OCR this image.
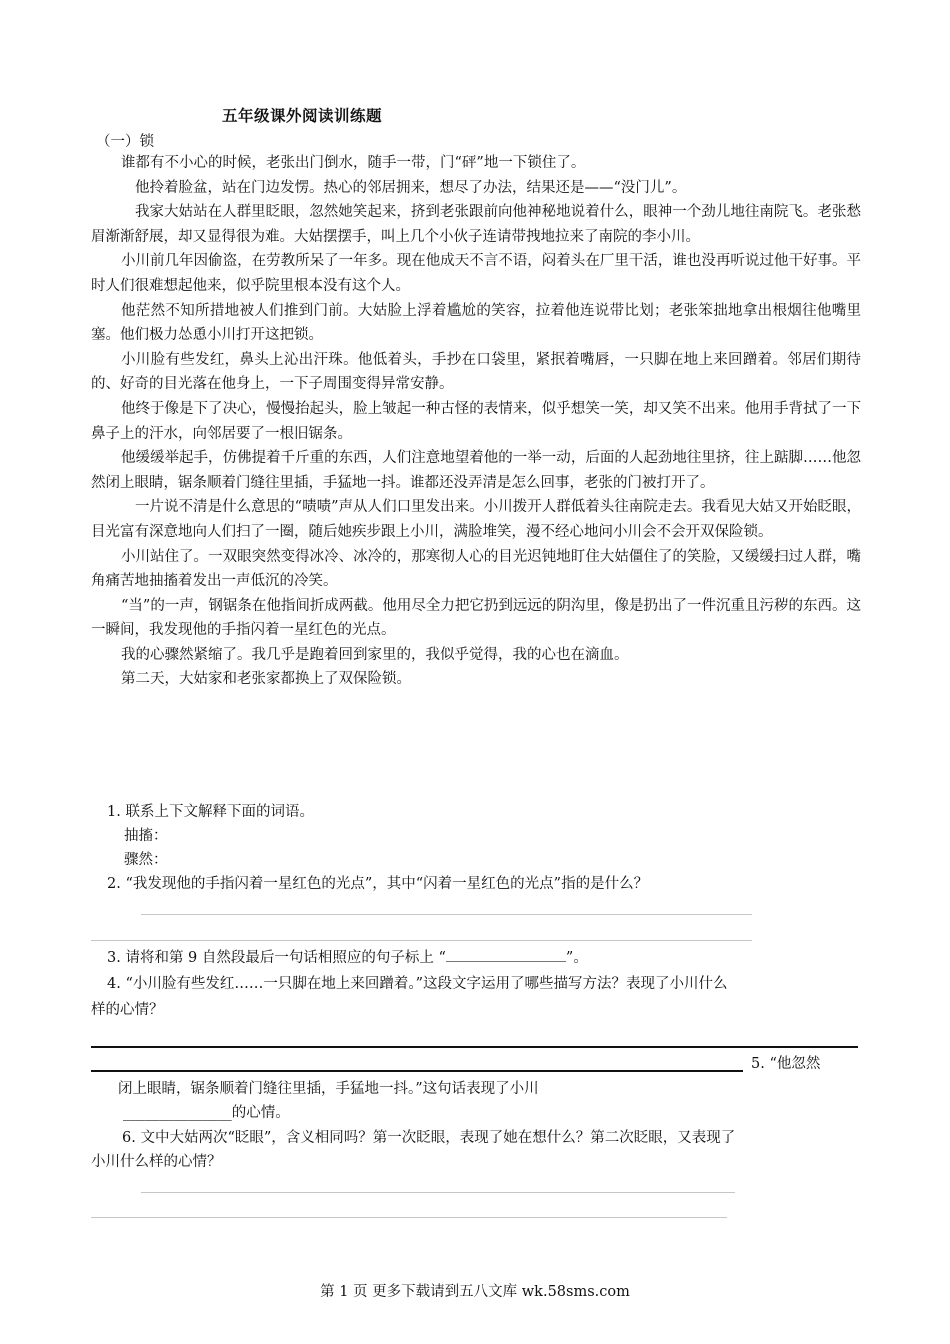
五年级课外阅读训练题
（一）锁

谁都有不小心的时候，老张出门倒水，随手一带，门“砰”地一下锁住了。

他拎着脸盆，站在门边发愣。热心的邻居拥来，想尽了办法，结果还是——“没门儿”。

我家大姑站在人群里眨眼，忽然她笑起来，挤到老张跟前向他神秘地说着什么，眼神一个劲儿地往南院飞。老张愁眉渐渐舒展，却又显得很为难。大姑摆摆手，叫上几个小伙子连请带拽地拉来了南院的李小川。

小川前几年因偷盗，在劳教所呆了一年多。现在他成天不言不语，闷着头在厂里干活，谁也没再听说过他干好事。平时人们很难想起他来，似乎院里根本没有这个人。

他茫然不知所措地被人们推到门前。大姑脸上浮着尴尬的笑容，拉着他连说带比划；老张笨拙地拿出根烟往他嘴里塞。他们极力怂恿小川打开这把锁。

小川脸有些发红，鼻头上沁出汗珠。他低着头，手抄在口袋里，紧抿着嘴唇，一只脚在地上来回蹭着。邻居们期待的、好奇的目光落在他身上，一下子周围变得异常安静。

他终于像是下了决心，慢慢抬起头，脸上皱起一种古怪的表情来，似乎想笑一笑，却又笑不出来。他用手背拭了一下鼻子上的汗水，向邻居要了一根旧锯条。

他缓缓举起手，仿佛提着千斤重的东西，人们注意地望着他的一举一动，后面的人起劲地往里挤，往上踮脚……他忽然闭上眼睛，锯条顺着门缝往里插，手猛地一抖。谁都还没弄清是怎么回事，老张的门被打开了。

一片说不清是什么意思的“啧啧”声从人们口里发出来。小川拨开人群低着头往南院走去。我看见大姑又开始眨眼，目光富有深意地向人们扫了一圈，随后她疾步跟上小川，满脸堆笑，漫不经心地问小川会不会开双保险锁。

小川站住了。一双眼突然变得冰冷、冰冷的，那寒彻人心的目光迟钝地盯住大姑僵住了的笑脸，又缓缓扫过人群，嘴角痛苦地抽搐着发出一声低沉的冷笑。

“当”的一声，钢锯条在他指间折成两截。他用尽全力把它扔到远远的阴沟里，像是扔出了一件沉重且污秽的东西。这一瞬间，我发现他的手指闪着一星红色的光点。

我的心骤然紧缩了。我几乎是跑着回到家里的，我似乎觉得，我的心也在滴血。

第二天，大姑家和老张家都换上了双保险锁。

1. 联系上下文解释下面的词语。
抽搐：
骤然：
2. “我发现他的手指闪着一星红色的光点”，其中“闪着一星红色的光点”指的是什么？
3. 请将和第 9 自然段最后一句话相照应的句子标上 “	”。
4. “小川脸有些发红……一只脚在地上来回蹭着。”这段文字运用了哪些描写方法？表现了小川什么
样的心情？
5. “他忽然
闭上眼睛，锯条顺着门缝往里插，手猛地一抖。”这句话表现了小川
_______________的心情。
6. 文中大姑两次“眨眼”，含义相同吗？第一次眨眼，表现了她在想什么？第二次眨眼，又表现了
小川什么样的心情？
第 1 页 更多下载请到五八文库 wk.58sms.com
